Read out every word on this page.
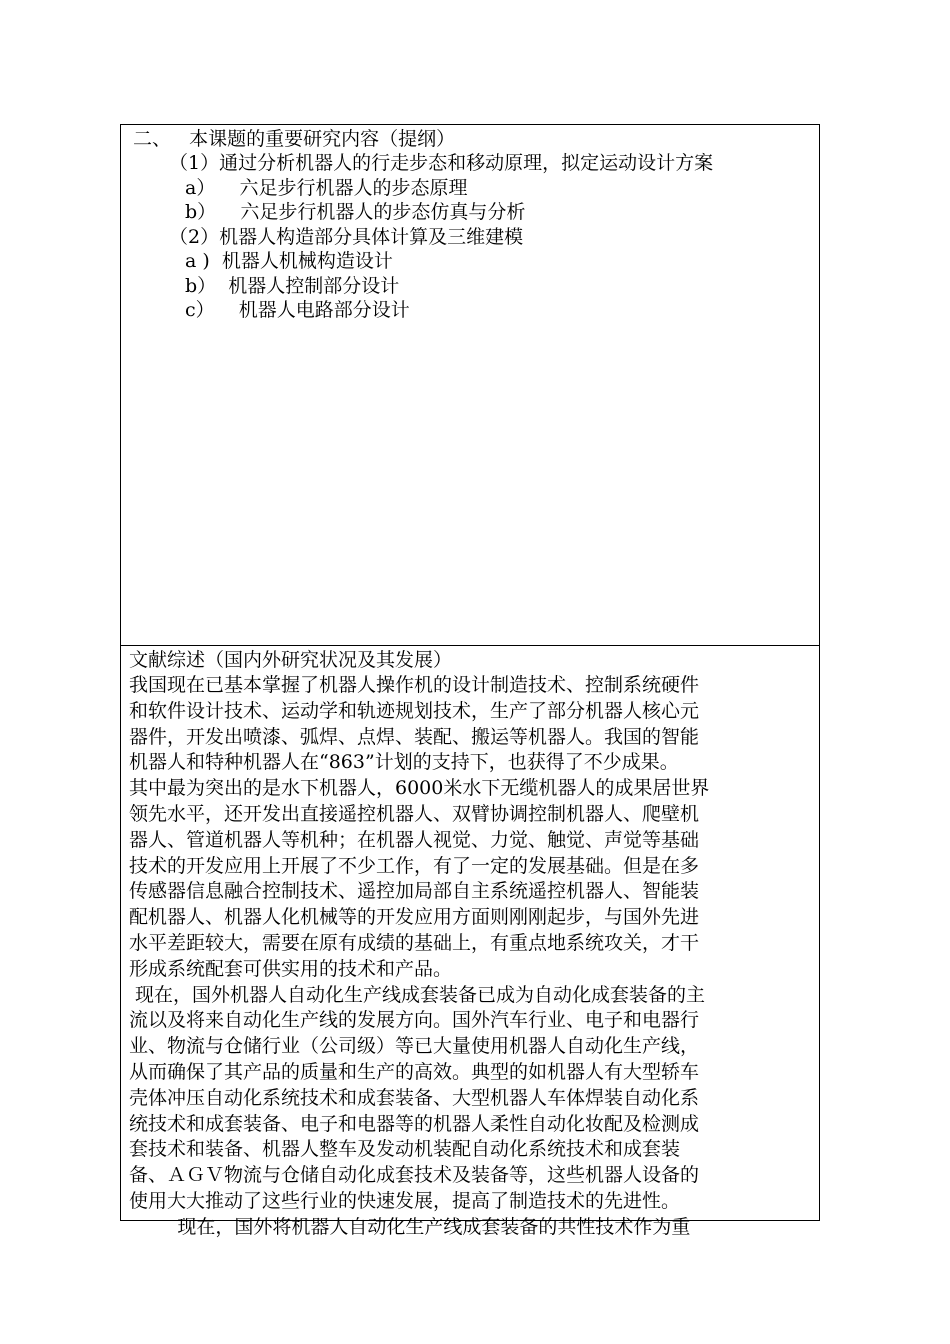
二、   本课题的重要研究内容（提纲）
（1）通过分析机器人的行走步态和移动原理，拟定运动设计方案
a）    六足步行机器人的步态原理
b）    六足步行机器人的步态仿真与分析
（2）机器人构造部分具体计算及三维建模
a )  机器人机械构造设计
b）  机器人控制部分设计
c）    机器人电路部分设计
文献综述（国内外研究状况及其发展）
我国现在已基本掌握了机器人操作机的设计制造技术、控制系统硬件
和软件设计技术、运动学和轨迹规划技术，生产了部分机器人核心元
器件，开发出喷漆、弧焊、点焊、装配、搬运等机器人。我国的智能
机器人和特种机器人在“863”计划的支持下，也获得了不少成果。
其中最为突出的是水下机器人，6000米水下无缆机器人的成果居世界
领先水平，还开发出直接遥控机器人、双臂协调控制机器人、爬壁机
器人、管道机器人等机种；在机器人视觉、力觉、触觉、声觉等基础
技术的开发应用上开展了不少工作，有了一定的发展基础。但是在多
传感器信息融合控制技术、遥控加局部自主系统遥控机器人、智能装
配机器人、机器人化机械等的开发应用方面则刚刚起步，与国外先进
水平差距较大，需要在原有成绩的基础上，有重点地系统攻关，才干
形成系统配套可供实用的技术和产品。
现在，国外机器人自动化生产线成套装备已成为自动化成套装备的主
流以及将来自动化生产线的发展方向。国外汽车行业、电子和电器行
业、物流与仓储行业（公司级）等已大量使用机器人自动化生产线，
从而确保了其产品的质量和生产的高效。典型的如机器人有大型轿车
壳体冲压自动化系统技术和成套装备、大型机器人车体焊装自动化系
统技术和成套装备、电子和电器等的机器人柔性自动化妆配及检测成
套技术和装备、机器人整车及发动机装配自动化系统技术和成套装
备、ＡＧＶ物流与仓储自动化成套技术及装备等，这些机器人设备的
使用大大推动了这些行业的快速发展，提高了制造技术的先进性。
现在，国外将机器人自动化生产线成套装备的共性技术作为重
